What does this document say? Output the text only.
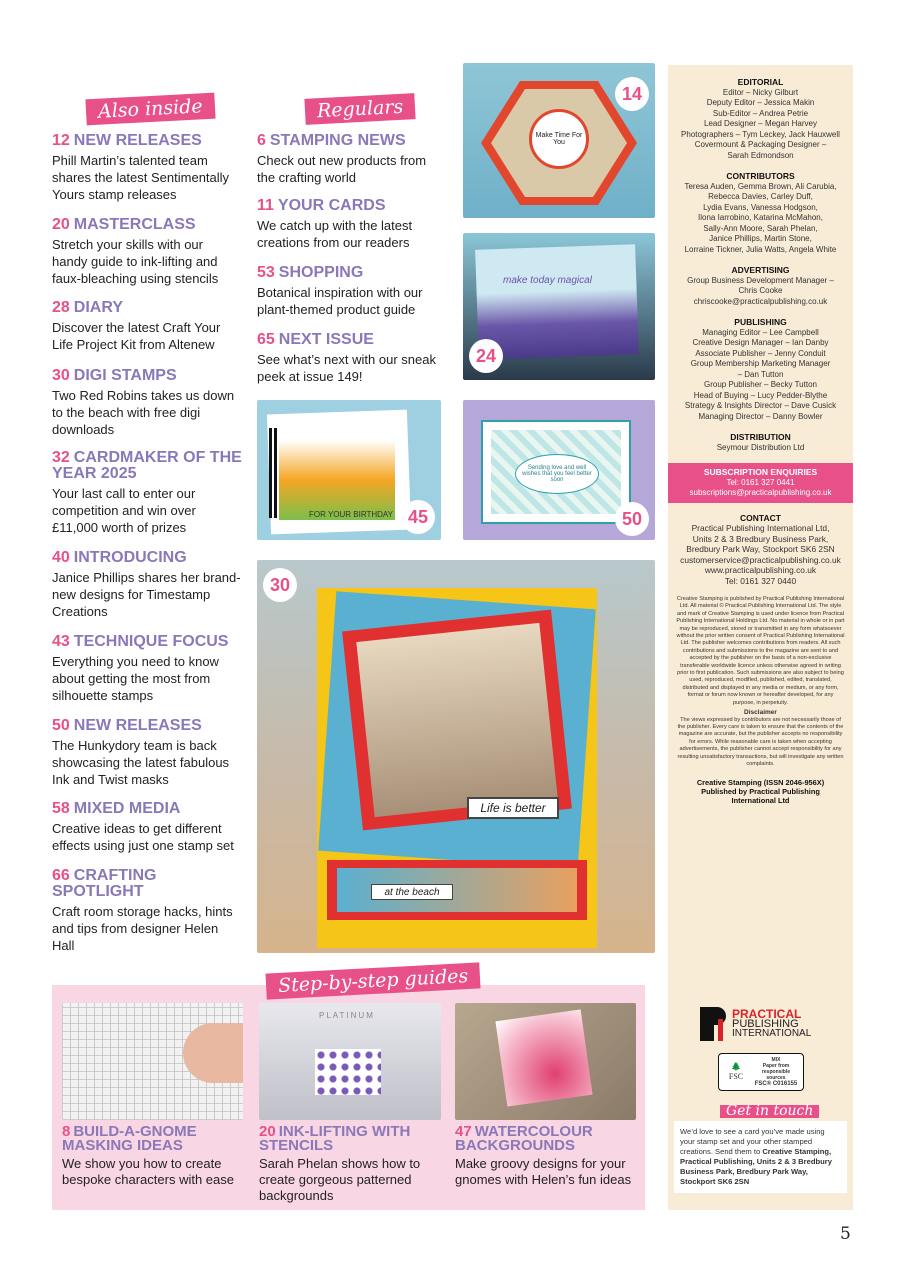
Also inside
12 NEW RELEASES
Phill Martin’s talented team shares the latest Sentimentally Yours stamp releases
20 MASTERCLASS
Stretch your skills with our handy guide to ink-lifting and faux-bleaching using stencils
28 DIARY
Discover the latest Craft Your Life Project Kit from Altenew
30 DIGI STAMPS
Two Red Robins takes us down to the beach with free digi downloads
32 CARDMAKER OF THE YEAR 2025
Your last call to enter our competition and win over £11,000 worth of prizes
40 INTRODUCING
Janice Phillips shares her brand-new designs for Timestamp Creations
43 TECHNIQUE FOCUS
Everything you need to know about getting the most from silhouette stamps
50 NEW RELEASES
The Hunkydory team is back showcasing the latest fabulous Ink and Twist masks
58 MIXED MEDIA
Creative ideas to get different effects using just one stamp set
66 CRAFTING SPOTLIGHT
Craft room storage hacks, hints and tips from designer Helen Hall
Regulars
6 STAMPING NEWS
Check out new products from the crafting world
11 YOUR CARDS
We catch up with the latest creations from our readers
53 SHOPPING
Botanical inspiration with our plant-themed product guide
65 NEXT ISSUE
See what’s next with our sneak peek at issue 149!
Make Time For You
14
make today magical
24
FOR YOUR BIRTHDAY 45
Sending love and well wishes that you feel better soon
50
Life is better
at the beach
30
Step-by-step guides
PLATINUM
8 BUILD-A-GNOME MASKING IDEAS
We show you how to create bespoke characters with ease
20 INK-LIFTING WITH STENCILS
Sarah Phelan shows how to create gorgeous patterned backgrounds
47 WATERCOLOUR BACKGROUNDS
Make groovy designs for your gnomes with Helen’s fun ideas
EDITORIAL

Editor – Nicky Gilburt

Deputy Editor – Jessica Makin

Sub-Editor – Andrea Petrie

Lead Designer – Megan Harvey

Photographers – Tym Leckey, Jack Hauxwell

Covermount & Packaging Designer –

Sarah Edmondson

CONTRIBUTORS

Teresa Auden, Gemma Brown, Ali Carubia,

Rebecca Davies, Carley Duff,

Lydia Evans, Vanessa Hodgson,

Ilona Iarrobino, Katarina McMahon,

Sally-Ann Moore, Sarah Phelan,

Janice Phillips, Martin Stone,

Lorraine Tickner, Julia Watts, Angela White

ADVERTISING

Group Business Development Manager –

Chris Cooke

chriscooke@practicalpublishing.co.uk

PUBLISHING

Managing Editor – Lee Campbell

Creative Design Manager – Ian Danby

Associate Publisher – Jenny Conduit

Group Membership Marketing Manager

– Dan Tutton

Group Publisher – Becky Tutton

Head of Buying – Lucy Pedder-Blythe

Strategy & Insights Director – Dave Cusick

Managing Director – Danny Bowler

DISTRIBUTION

Seymour Distribution Ltd

SUBSCRIPTION ENQUIRIES

Tel: 0161 327 0441

subscriptions@practicalpublishing.co.uk

CONTACT

Practical Publishing International Ltd,

Units 2 & 3 Bredbury Business Park,

Bredbury Park Way, Stockport SK6 2SN

customerservice@practicalpublishing.co.uk

www.practicalpublishing.co.uk

Tel: 0161 327 0440

Creative Stamping is published by Practical Publishing International Ltd. All material © Practical Publishing International Ltd. The style and mark of Creative Stamping is used under licence from Practical Publishing International Holdings Ltd. No material in whole or in part may be reproduced, stored or transmitted in any form whatsoever without the prior written consent of Practical Publishing International Ltd. The publisher welcomes contributions from readers. All such contributions and submissions to the magazine are sent to and accepted by the publisher on the basis of a non-exclusive transferable worldwide licence unless otherwise agreed in writing prior to first publication. Such submissions are also subject to being used, reproduced, modified, published, edited, translated, distributed and displayed in any media or medium, or any form, format or forum now known or hereafter developed, for any purpose, in perpetuity.

Disclaimer

The views expressed by contributors are not necessarily those of the publisher. Every care is taken to ensure that the contents of the magazine are accurate, but the publisher accepts no responsibility for errors. While reasonable care is taken when accepting advertisements, the publisher cannot accept responsibility for any resulting unsatisfactory transactions, but will investigate any written complaints.

Creative Stamping (ISSN 2046-956X) Published by Practical Publishing International Ltd
PRACTICAL
PUBLISHING
INTERNATIONAL
🌲
FSC
MIX
Paper from responsible sources
FSC® C016155
Get in touch
We’d love to see a card you’ve made using your stamp set and your other stamped creations. Send them to Creative Stamping, Practical Publishing, Units 2 & 3 Bredbury Business Park, Bredbury Park Way, Stockport SK6 2SN
5
